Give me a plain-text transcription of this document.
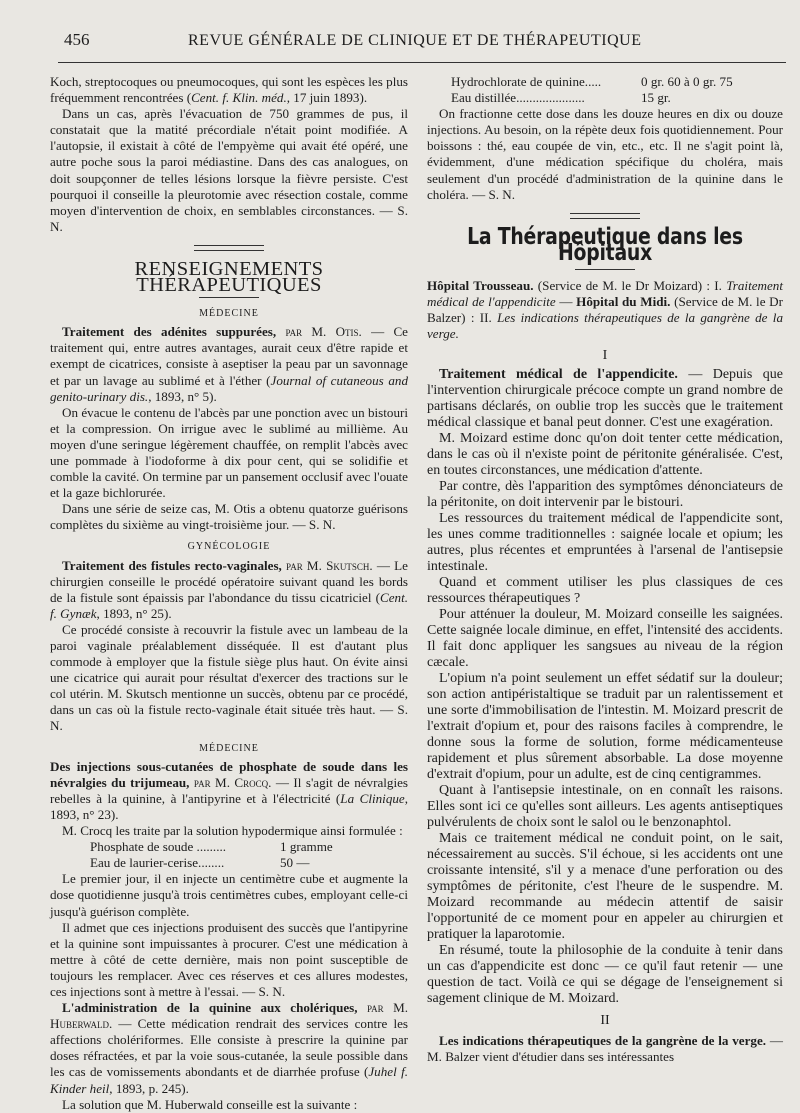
456	REVUE GÉNÉRALE DE CLINIQUE ET DE THÉRAPEUTIQUE

Koch, streptocoques ou pneumocoques, qui sont les espèces les plus fréquemment rencontrées (Cent. f. Klin. méd., 17 juin 1893).

Dans un cas, après l'évacuation de 750 grammes de pus, il constatait que la matité précordiale n'était point modifiée. A l'autopsie, il existait à côté de l'empyème qui avait été opéré, une autre poche sous la paroi médiastine. Dans des cas analogues, on doit soupçonner de telles lésions lorsque la fièvre persiste. C'est pourquoi il conseille la pleurotomie avec résection costale, comme moyen d'intervention de choix, en semblables circonstances. — S. N.

RENSEIGNEMENTS THÉRAPEUTIQUES
MÉDECINE

Traitement des adénites suppurées, par M. Otis. — Ce traitement qui, entre autres avantages, aurait ceux d'être rapide et exempt de cicatrices, consiste à aseptiser la peau par un savonnage et par un lavage au sublimé et à l'éther (Journal of cutaneous and genito-urinary dis., 1893, n° 5).

On évacue le contenu de l'abcès par une ponction avec un bistouri et la compression. On irrigue avec le sublimé au millième. Au moyen d'une seringue légèrement chauffée, on remplit l'abcès avec une pommade à l'iodoforme à dix pour cent, qui se solidifie et comble la cavité. On termine par un pansement occlusif avec l'ouate et la gaze bichlorurée.

Dans une série de seize cas, M. Otis a obtenu quatorze guérisons complètes du sixième au vingt-troisième jour. — S. N.

GYNÉCOLOGIE

Traitement des fistules recto-vaginales, par M. Skutsch. — Le chirurgien conseille le procédé opératoire suivant quand les bords de la fistule sont épaissis par l'abondance du tissu cicatriciel (Cent. f. Gynæk, 1893, n° 25).

Ce procédé consiste à recouvrir la fistule avec un lambeau de la paroi vaginale préalablement disséquée. Il est d'autant plus commode à employer que la fistule siège plus haut. On évite ainsi une cicatrice qui aurait pour résultat d'exercer des tractions sur le col utérin. M. Skutsch mentionne un succès, obtenu par ce procédé, dans un cas où la fistule recto-vaginale était située très haut. — S. N.

MÉDECINE

Des injections sous-cutanées de phosphate de soude dans les névralgies du trijumeau, par M. Crocq. — Il s'agit de névralgies rebelles à la quinine, à l'antipyrine et à l'électricité (La Clinique, 1893, n° 23).

M. Crocq les traite par la solution hypodermique ainsi formulée :

Phosphate de soude .........	1 gramme
Eau de laurier-cerise........	50 —

Le premier jour, il en injecte un centimètre cube et augmente la dose quotidienne jusqu'à trois centimètres cubes, employant celle-ci jusqu'à guérison complète.

Il admet que ces injections produisent des succès que l'antipyrine et la quinine sont impuissantes à procurer. C'est une médication à mettre à côté de cette dernière, mais non point susceptible de toujours les remplacer. Avec ces réserves et ces allures modestes, ces injections sont à mettre à l'essai. — S. N.

L'administration de la quinine aux cholériques, par M. Huberwald. — Cette médication rendrait des services contre les affections cholériformes. Elle consiste à prescrire la quinine par doses réfractées, et par la voie sous-cutanée, la seule possible dans les cas de vomissements abondants et de diarrhée profuse (Juhel f. Kinder heil, 1893, p. 245).

La solution que M. Huberwald conseille est la suivante :

Hydrochlorate de quinine.....	0 gr. 60 à 0 gr. 75
Eau distillée.....................	15 gr.

On fractionne cette dose dans les douze heures en dix ou douze injections. Au besoin, on la répète deux fois quotidiennement. Pour boissons : thé, eau coupée de vin, etc., etc. Il ne s'agit point là, évidemment, d'une médication spécifique du choléra, mais seulement d'un procédé d'administration de la quinine dans le choléra. — S. N.

La Thérapeutique dans les Hôpitaux

Hôpital Trousseau. (Service de M. le Dr Moizard) : I. Traitement médical de l'appendicite — Hôpital du Midi. (Service de M. le Dr Balzer) : II. Les indications thérapeutiques de la gangrène de la verge.

I

Traitement médical de l'appendicite. — Depuis que l'intervention chirurgicale précoce compte un grand nombre de partisans déclarés, on oublie trop les succès que le traitement médical classique et banal peut donner. C'est une exagération.

M. Moizard estime donc qu'on doit tenter cette médication, dans le cas où il n'existe point de péritonite généralisée. C'est, en toutes circonstances, une médication d'attente.

Par contre, dès l'apparition des symptômes dénonciateurs de la péritonite, on doit intervenir par le bistouri.

Les ressources du traitement médical de l'appendicite sont, les unes comme traditionnelles : saignée locale et opium; les autres, plus récentes et empruntées à l'arsenal de l'antisepsie intestinale.

Quand et comment utiliser les plus classiques de ces ressources thérapeutiques ?

Pour atténuer la douleur, M. Moizard conseille les saignées. Cette saignée locale diminue, en effet, l'intensité des accidents. Il fait donc appliquer les sangsues au niveau de la région cæcale.

L'opium n'a point seulement un effet sédatif sur la douleur; son action antipéristaltique se traduit par un ralentissement et une sorte d'immobilisation de l'intestin. M. Moizard prescrit de l'extrait d'opium et, pour des raisons faciles à comprendre, le donne sous la forme de solution, forme médicamenteuse rapidement et plus sûrement absorbable. La dose moyenne d'extrait d'opium, pour un adulte, est de cinq centigrammes.

Quant à l'antisepsie intestinale, on en connaît les raisons. Elles sont ici ce qu'elles sont ailleurs. Les agents antiseptiques pulvérulents de choix sont le salol ou le benzonaphtol.

Mais ce traitement médical ne conduit point, on le sait, nécessairement au succès. S'il échoue, si les accidents ont une croissante intensité, s'il y a menace d'une perforation ou des symptômes de péritonite, c'est l'heure de le suspendre. M. Moizard recommande au médecin attentif de saisir l'opportunité de ce moment pour en appeler au chirurgien et pratiquer la laparotomie.

En résumé, toute la philosophie de la conduite à tenir dans un cas d'appendicite est donc — ce qu'il faut retenir — une question de tact. Voilà ce qui se dégage de l'enseignement si sagement clinique de M. Moizard.

II

Les indications thérapeutiques de la gangrène de la verge. — M. Balzer vient d'étudier dans ses intéressantes
